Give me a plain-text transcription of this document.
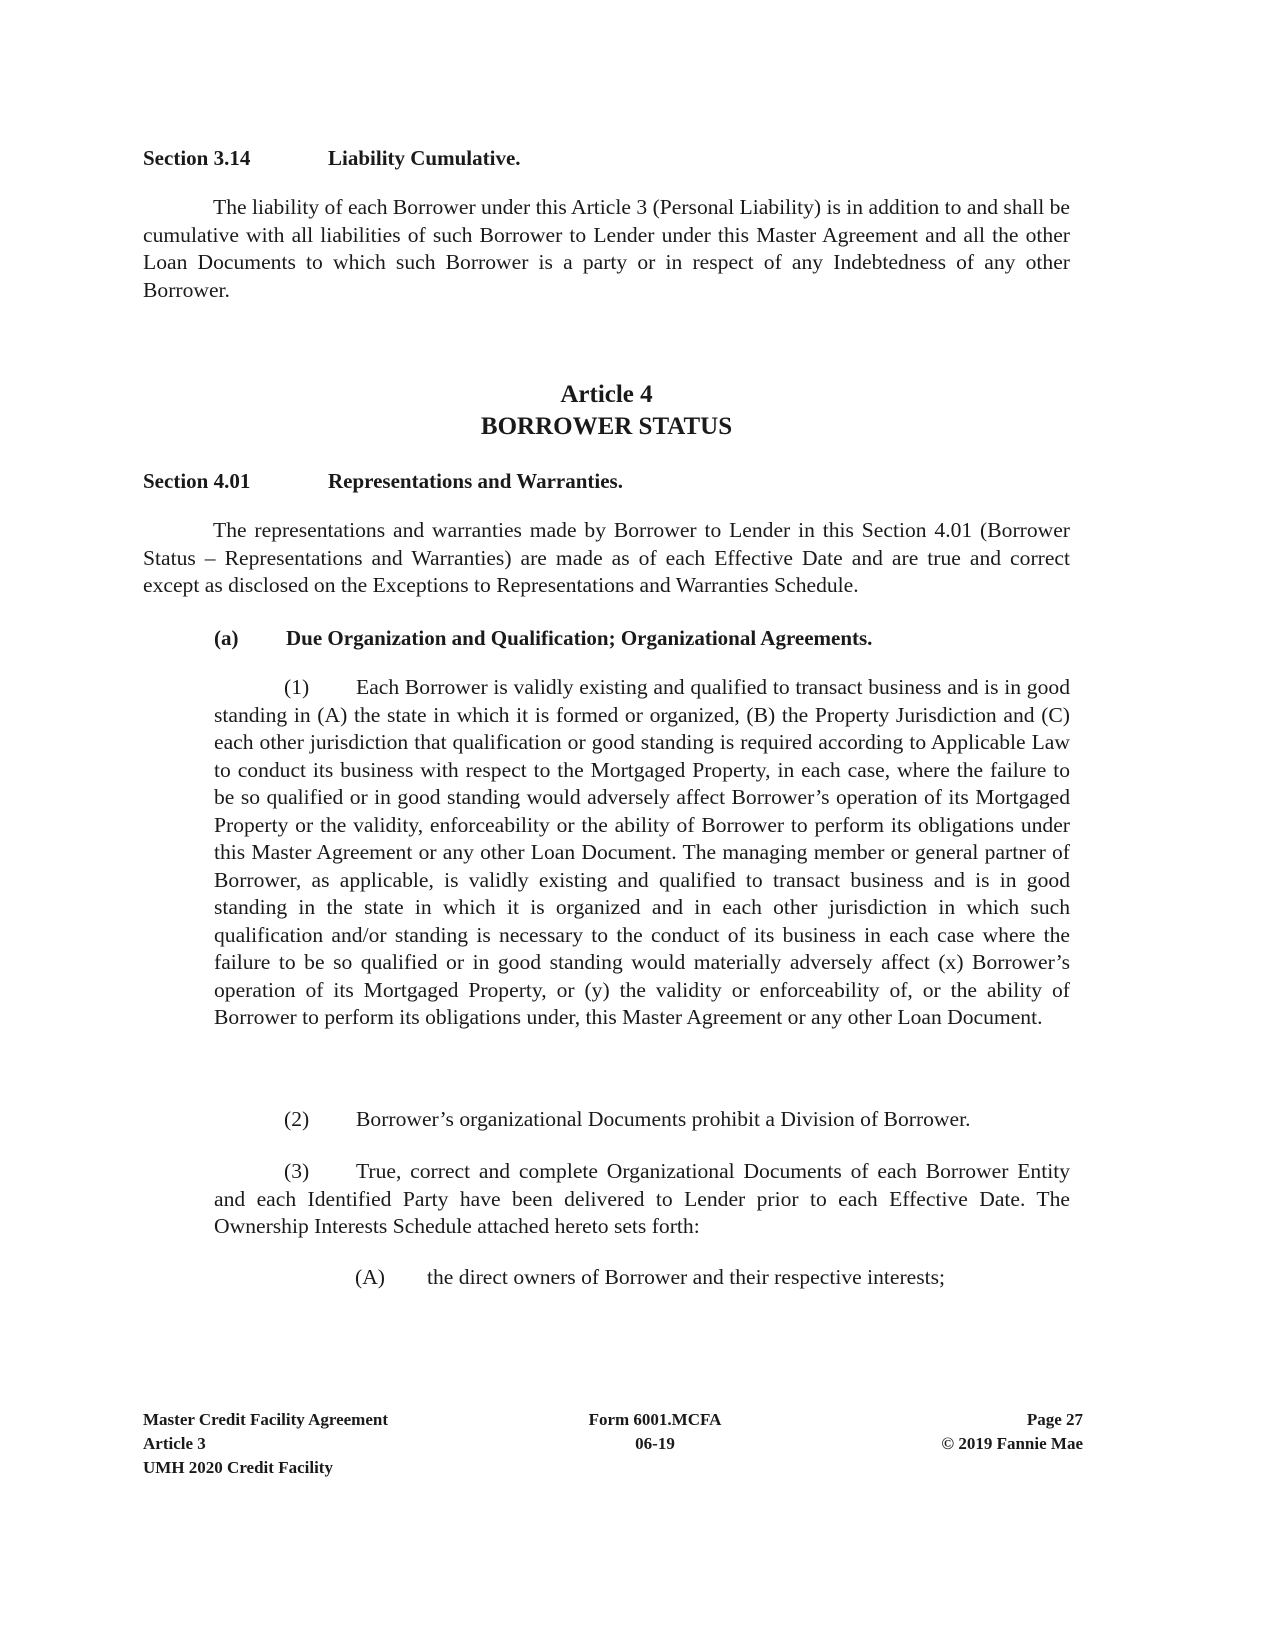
Section 3.14	Liability Cumulative.
The liability of each Borrower under this Article 3 (Personal Liability) is in addition to and shall be cumulative with all liabilities of such Borrower to Lender under this Master Agreement and all the other Loan Documents to which such Borrower is a party or in respect of any Indebtedness of any other Borrower.
Article 4
BORROWER STATUS
Section 4.01	Representations and Warranties.
The representations and warranties made by Borrower to Lender in this Section 4.01 (Borrower Status – Representations and Warranties) are made as of each Effective Date and are true and correct except as disclosed on the Exceptions to Representations and Warranties Schedule.
(a) Due Organization and Qualification; Organizational Agreements.
(1) Each Borrower is validly existing and qualified to transact business and is in good standing in (A) the state in which it is formed or organized, (B) the Property Jurisdiction and (C) each other jurisdiction that qualification or good standing is required according to Applicable Law to conduct its business with respect to the Mortgaged Property, in each case, where the failure to be so qualified or in good standing would adversely affect Borrower’s operation of its Mortgaged Property or the validity, enforceability or the ability of Borrower to perform its obligations under this Master Agreement or any other Loan Document. The managing member or general partner of Borrower, as applicable, is validly existing and qualified to transact business and is in good standing in the state in which it is organized and in each other jurisdiction in which such qualification and/or standing is necessary to the conduct of its business in each case where the failure to be so qualified or in good standing would materially adversely affect (x) Borrower’s operation of its Mortgaged Property, or (y) the validity or enforceability of, or the ability of Borrower to perform its obligations under, this Master Agreement or any other Loan Document.
(2) Borrower’s organizational Documents prohibit a Division of Borrower.
(3) True, correct and complete Organizational Documents of each Borrower Entity and each Identified Party have been delivered to Lender prior to each Effective Date. The Ownership Interests Schedule attached hereto sets forth:
(A) the direct owners of Borrower and their respective interests;
Master Credit Facility Agreement
Article 3
UMH 2020 Credit Facility
Form 6001.MCFA
06-19
Page 27
© 2019 Fannie Mae
